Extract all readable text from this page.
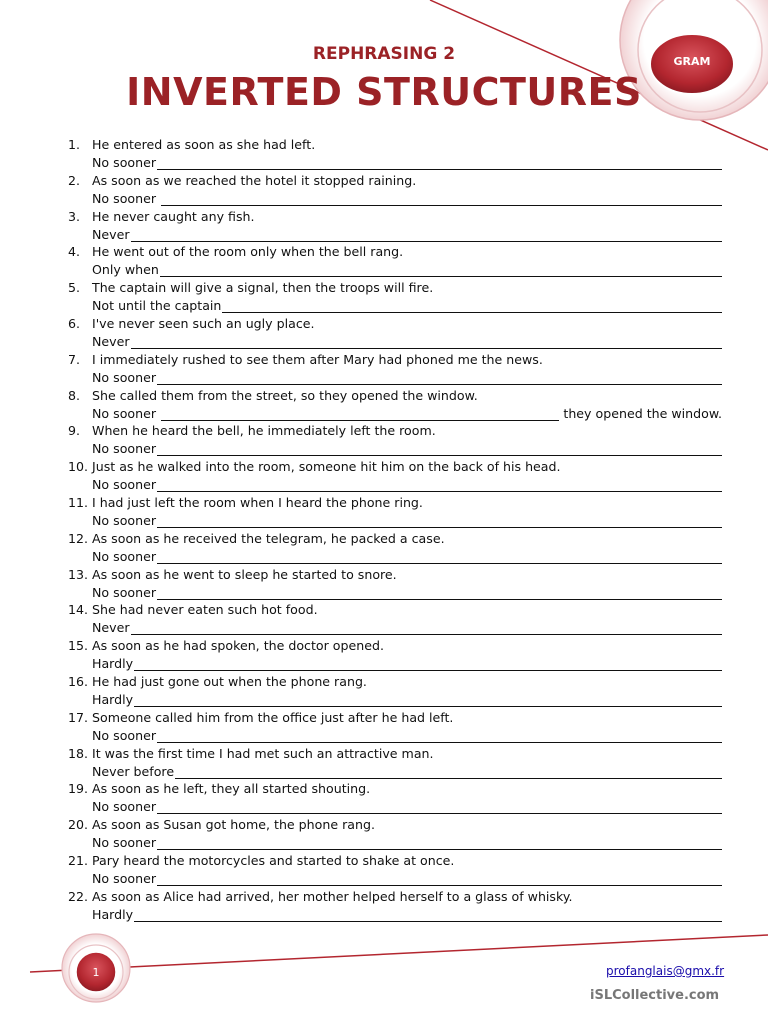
REPHRASING 2
INVERTED STRUCTURES
GRAM
1. He entered as soon as she had left.
No sooner
2. As soon as we reached the hotel it stopped raining.
No sooner
3. He never caught any fish.
Never
4. He went out of the room only when the bell rang.
Only when
5. The captain will give a signal, then the troops will fire.
Not until the captain
6. I've never seen such an ugly place.
Never
7. I immediately rushed to see them after Mary had phoned me the news.
No sooner
8. She called them from the street, so they opened the window.
No sooner	they opened the window.
9. When he heard the bell, he immediately left the room.
No sooner
10. Just as he walked into the room, someone hit him on the back of his head.
No sooner
11. I had just left the room when I heard the phone ring.
No sooner
12. As soon as he received the telegram, he packed a case.
No sooner
13. As soon as he went to sleep he started to snore.
No sooner
14. She had never eaten such hot food.
Never
15. As soon as he had spoken, the doctor opened.
Hardly
16. He had just gone out when the phone rang.
Hardly
17. Someone called him from the office just after he had left.
No sooner
18. It was the first time I had met such an attractive man.
Never before
19. As soon as he left, they all started shouting.
No sooner
20. As soon as Susan got home, the phone rang.
No sooner
21. Pary heard the motorcycles and started to shake at once.
No sooner
22. As soon as Alice had arrived, her mother helped herself to a glass of whisky.
Hardly
1	profanglais@gmx.fr
iSLCollective.com
